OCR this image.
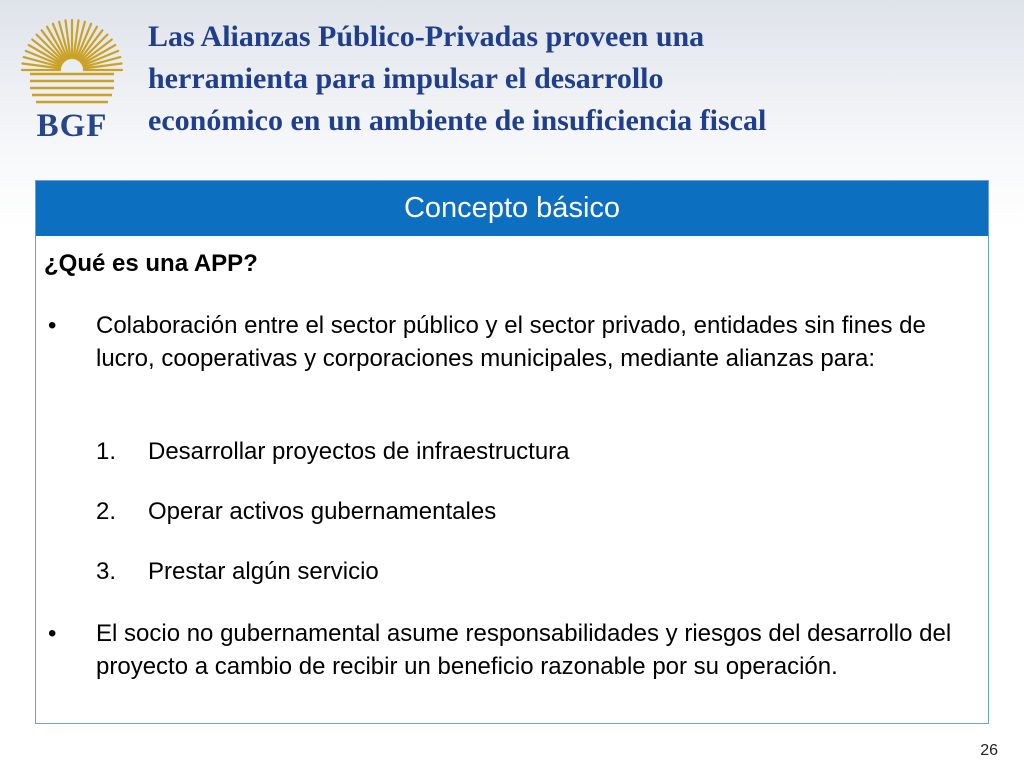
BGF
Las Alianzas Público-Privadas proveen una
herramienta para impulsar el desarrollo
económico en un ambiente de insuficiencia fiscal
Concepto básico
¿Qué es una APP?
• Colaboración entre el sector público y el sector privado, entidades sin fines de lucro, cooperativas y corporaciones municipales, mediante alianzas para:
1. Desarrollar proyectos de infraestructura
2. Operar activos gubernamentales
3. Prestar algún servicio
• El socio no gubernamental asume responsabilidades y riesgos del desarrollo del proyecto a cambio de recibir un beneficio razonable por su operación.
26
